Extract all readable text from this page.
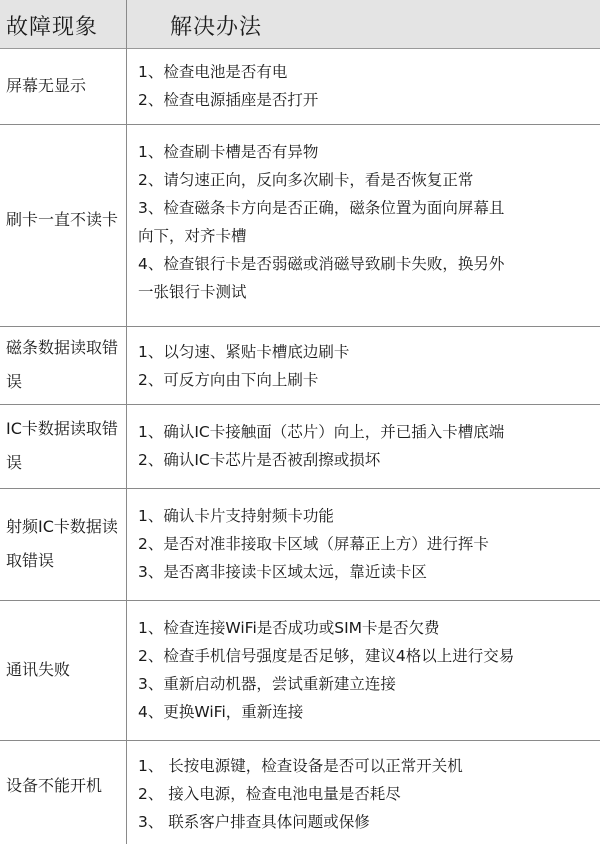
故障现象	解决办法
屏幕无显示
1、检查电池是否有电
2、检查电源插座是否打开
刷卡一直不读卡
1、检查刷卡槽是否有异物
2、请匀速正向，反向多次刷卡，看是否恢复正常
3、检查磁条卡方向是否正确，磁条位置为面向屏幕且
向下，对齐卡槽
4、检查银行卡是否弱磁或消磁导致刷卡失败，换另外
一张银行卡测试
磁条数据读取错误
1、以匀速、紧贴卡槽底边刷卡
2、可反方向由下向上刷卡
IC卡数据读取错误
1、确认IC卡接触面（芯片）向上，并已插入卡槽底端
2、确认IC卡芯片是否被刮擦或损坏
射频IC卡数据读取错误
1、确认卡片支持射频卡功能
2、是否对准非接取卡区域（屏幕正上方）进行挥卡
3、是否离非接读卡区域太远，靠近读卡区
通讯失败
1、检查连接WiFi是否成功或SIM卡是否欠费
2、检查手机信号强度是否足够，建议4格以上进行交易
3、重新启动机器，尝试重新建立连接
4、更换WiFi，重新连接
设备不能开机
1、 长按电源键，检查设备是否可以正常开关机
2、 接入电源，检查电池电量是否耗尽
3、 联系客户排查具体问题或保修
